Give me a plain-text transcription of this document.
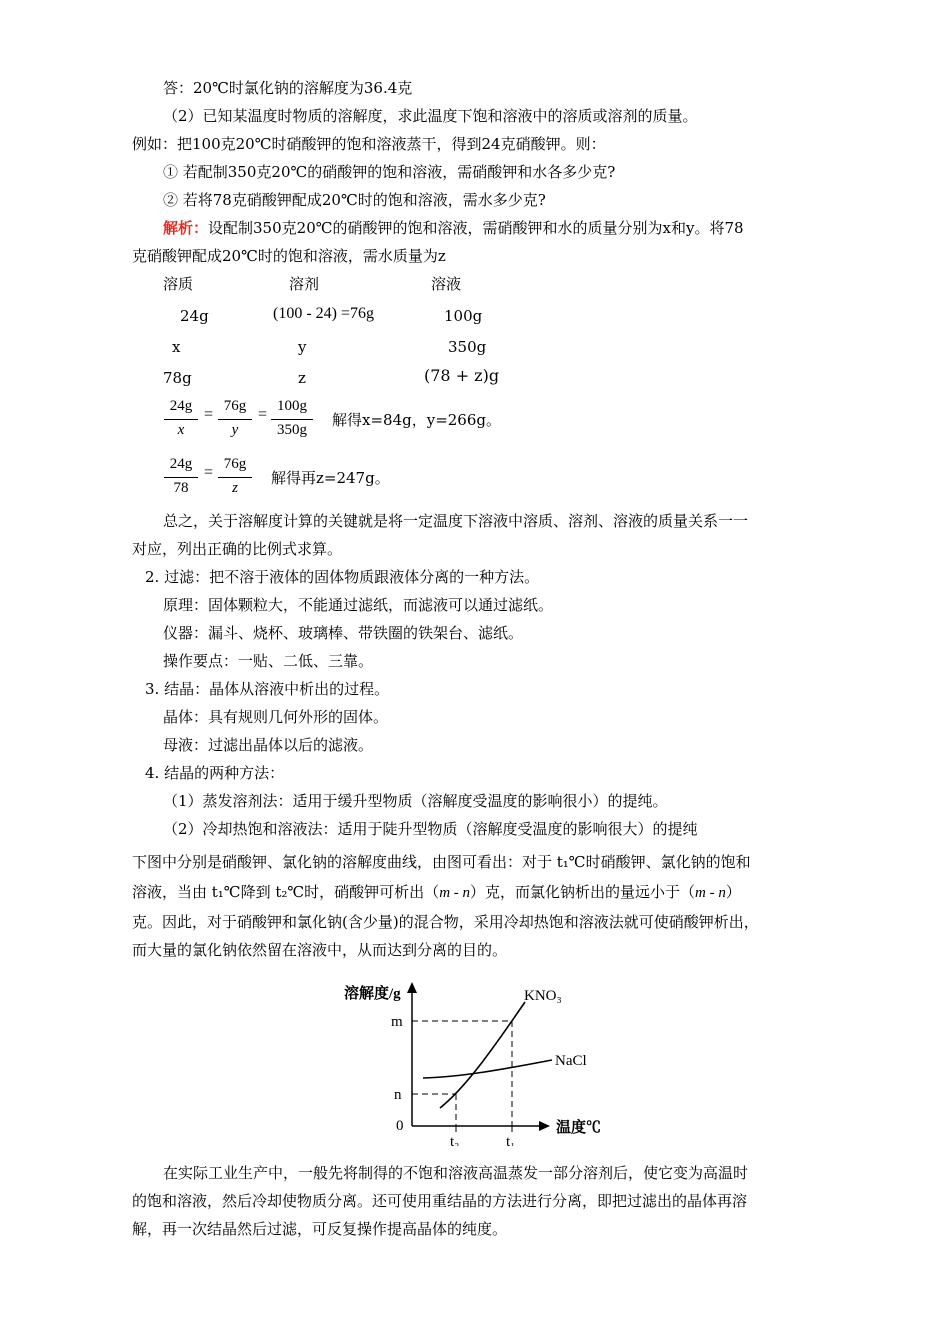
答：20℃时氯化钠的溶解度为36.4克
（2）已知某温度时物质的溶解度，求此温度下饱和溶液中的溶质或溶剂的质量。
例如：把100克20℃时硝酸钾的饱和溶液蒸干，得到24克硝酸钾。则：
① 若配制350克20℃的硝酸钾的饱和溶液，需硝酸钾和水各多少克?
② 若将78克硝酸钾配成20℃时的饱和溶液，需水多少克?
解析：设配制350克20℃的硝酸钾的饱和溶液，需硝酸钾和水的质量分别为x和y。将78
克硝酸钾配成20℃时的饱和溶液，需水质量为z
溶质	溶剂	溶液
24g	(100 - 24) =76g	100g
x	y	350g
78g	z	(78 + z)g
24g
x
= 76g
y
= 100g
350g
解得x=84g，y=266g。
24g
78
= 76g
z
解得再z=247g。
总之，关于溶解度计算的关键就是将一定温度下溶液中溶质、溶剂、溶液的质量关系一一
对应，列出正确的比例式求算。
2. 过滤：把不溶于液体的固体物质跟液体分离的一种方法。
原理：固体颗粒大，不能通过滤纸，而滤液可以通过滤纸。
仪器：漏斗、烧杯、玻璃棒、带铁圈的铁架台、滤纸。
操作要点：一贴、二低、三靠。
3. 结晶：晶体从溶液中析出的过程。
晶体：具有规则几何外形的固体。
母液：过滤出晶体以后的滤液。
4. 结晶的两种方法：
（1）蒸发溶剂法：适用于缓升型物质（溶解度受温度的影响很小）的提纯。
（2）冷却热饱和溶液法：适用于陡升型物质（溶解度受温度的影响很大）的提纯
下图中分别是硝酸钾、氯化钠的溶解度曲线，由图可看出：对于 t₁℃时硝酸钾、氯化钠的饱和
溶液，当由 t₁℃降到 t₂℃时，硝酸钾可析出（m - n）克，而氯化钠析出的量远小于（m - n）
克。因此，对于硝酸钾和氯化钠(含少量)的混合物，采用冷却热饱和溶液法就可使硝酸钾析出，
而大量的氯化钠依然留在溶液中，从而达到分离的目的。
溶解度/g
温度℃
m
n
0
t₂	t₁
KNO₃
NaCl
在实际工业生产中，一般先将制得的不饱和溶液高温蒸发一部分溶剂后，使它变为高温时
的饱和溶液，然后冷却使物质分离。还可使用重结晶的方法进行分离，即把过滤出的晶体再溶
解，再一次结晶然后过滤，可反复操作提高晶体的纯度。
